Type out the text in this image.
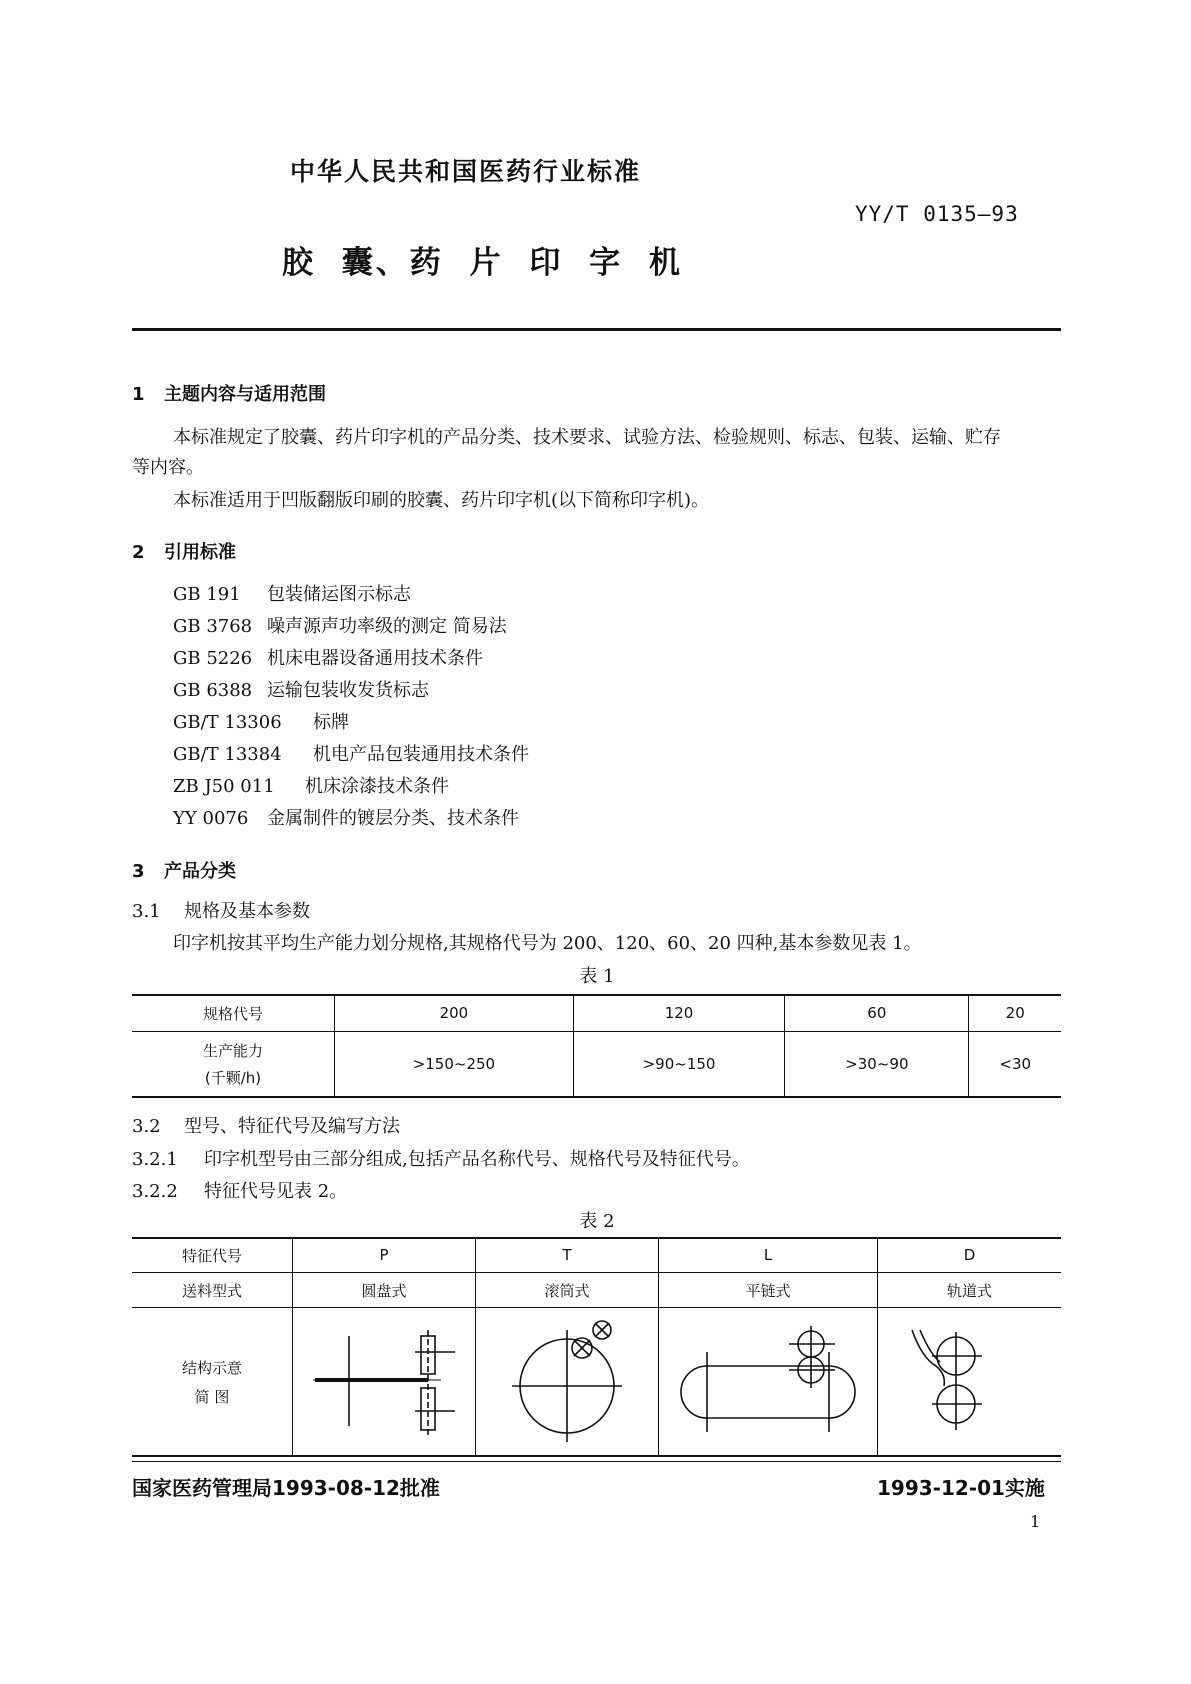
中华人民共和国医药行业标准
YY/T 0135—93
胶 囊、药 片 印 字 机
1 主题内容与适用范围
本标准规定了胶囊、药片印字机的产品分类、技术要求、试验方法、检验规则、标志、包装、运输、贮存
等内容。
本标准适用于凹版翻版印刷的胶囊、药片印字机(以下简称印字机)。
2 引用标准
GB 191 包装储运图示标志
GB 3768 噪声源声功率级的测定 简易法
GB 5226 机床电器设备通用技术条件
GB 6388 运输包装收发货标志
GB/T 13306 标牌
GB/T 13384 机电产品包装通用技术条件
ZB J50 011 机床涂漆技术条件
YY 0076 金属制件的镀层分类、技术条件
3 产品分类
3.1 规格及基本参数
印字机按其平均生产能力划分规格,其规格代号为 200、120、60、20 四种,基本参数见表 1。
表 1
规格代号	200	120	60	20

生产能力
(千颗/h)	>150~250	>90~150	>30~90	<30
3.2 型号、特征代号及编写方法
3.2.1 印字机型号由三部分组成,包括产品名称代号、规格代号及特征代号。
3.2.2 特征代号见表 2。
表 2
特征代号	P	T	L	D
送料型式	圆盘式	滚筒式	平链式	轨道式

结构示意
简 图

国家医药管理局1993-08-12批准	1993-12-01实施
1
